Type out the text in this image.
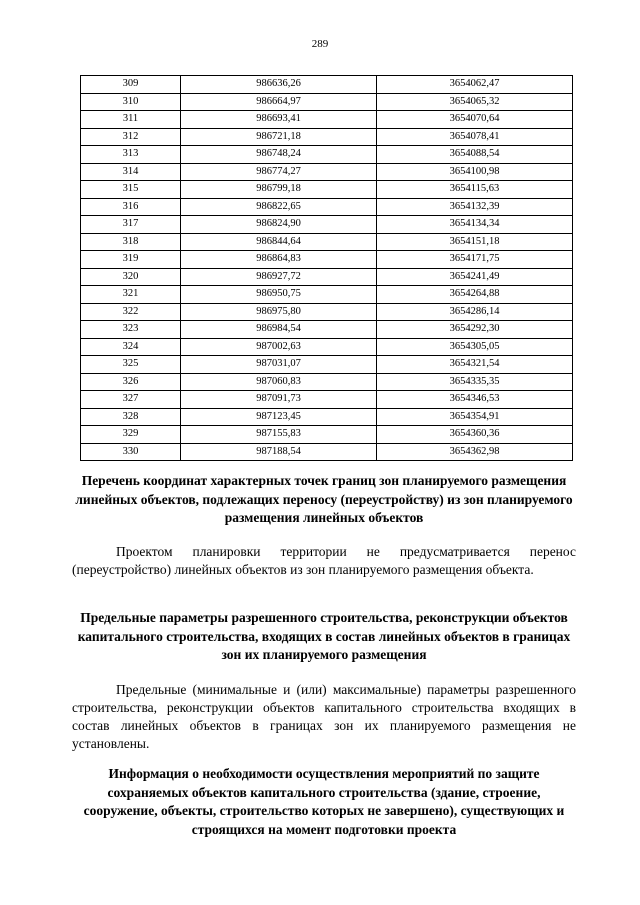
289
309	986636,26	3654062,47
310	986664,97	3654065,32
311	986693,41	3654070,64
312	986721,18	3654078,41
313	986748,24	3654088,54
314	986774,27	3654100,98
315	986799,18	3654115,63
316	986822,65	3654132,39
317	986824,90	3654134,34
318	986844,64	3654151,18
319	986864,83	3654171,75
320	986927,72	3654241,49
321	986950,75	3654264,88
322	986975,80	3654286,14
323	986984,54	3654292,30
324	987002,63	3654305,05
325	987031,07	3654321,54
326	987060,83	3654335,35
327	987091,73	3654346,53
328	987123,45	3654354,91
329	987155,83	3654360,36
330	987188,54	3654362,98
Перечень координат характерных точек границ зон планируемого размещения линейных объектов, подлежащих переносу (переустройству) из зон планируемого размещения линейных объектов
Проектом планировки территории не предусматривается перенос (переустройство) линейных объектов из зон планируемого размещения объекта.
Предельные параметры разрешенного строительства, реконструкции объектов капитального строительства, входящих в состав линейных объектов в границах зон их планируемого размещения
Предельные (минимальные и (или) максимальные) параметры разрешенного строительства, реконструкции объектов капитального строительства входящих в состав линейных объектов в границах зон их планируемого размещения не установлены.
Информация о необходимости осуществления мероприятий по защите сохраняемых объектов капитального строительства (здание, строение, сооружение, объекты, строительство которых не завершено), существующих и строящихся на момент подготовки проекта
